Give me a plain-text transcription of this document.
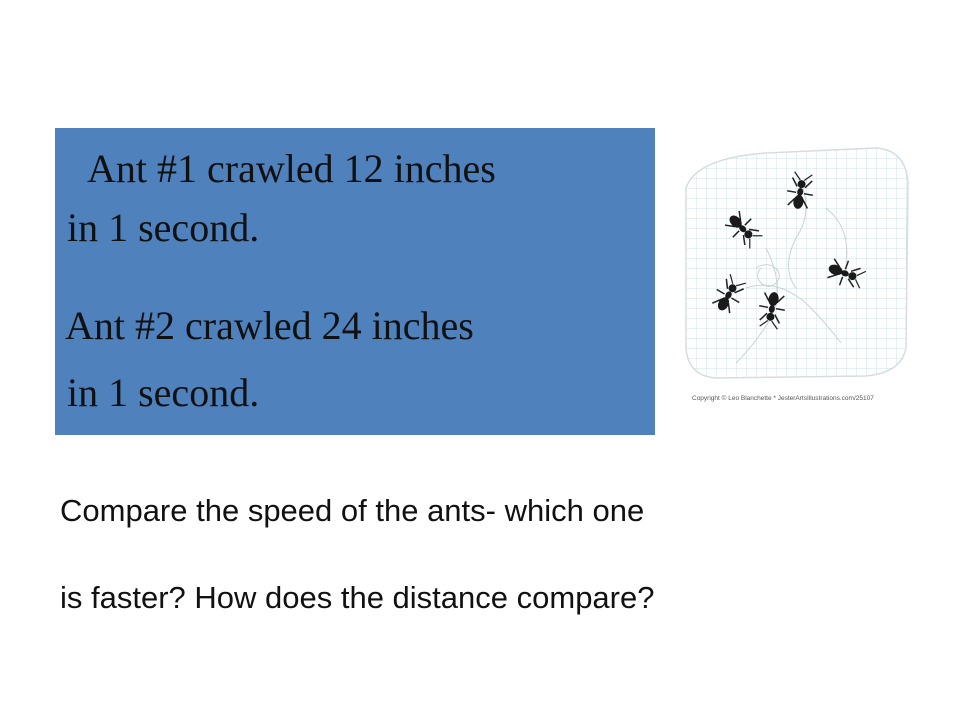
Ant #1 crawled 12 inches

in 1 second.

Ant #2 crawled 24 inches

in 1 second.	Copyright © Leo Blanchette * JesterArtsIllustrations.com/25107

Compare the speed of the ants- which one

is faster? How does the distance compare?
